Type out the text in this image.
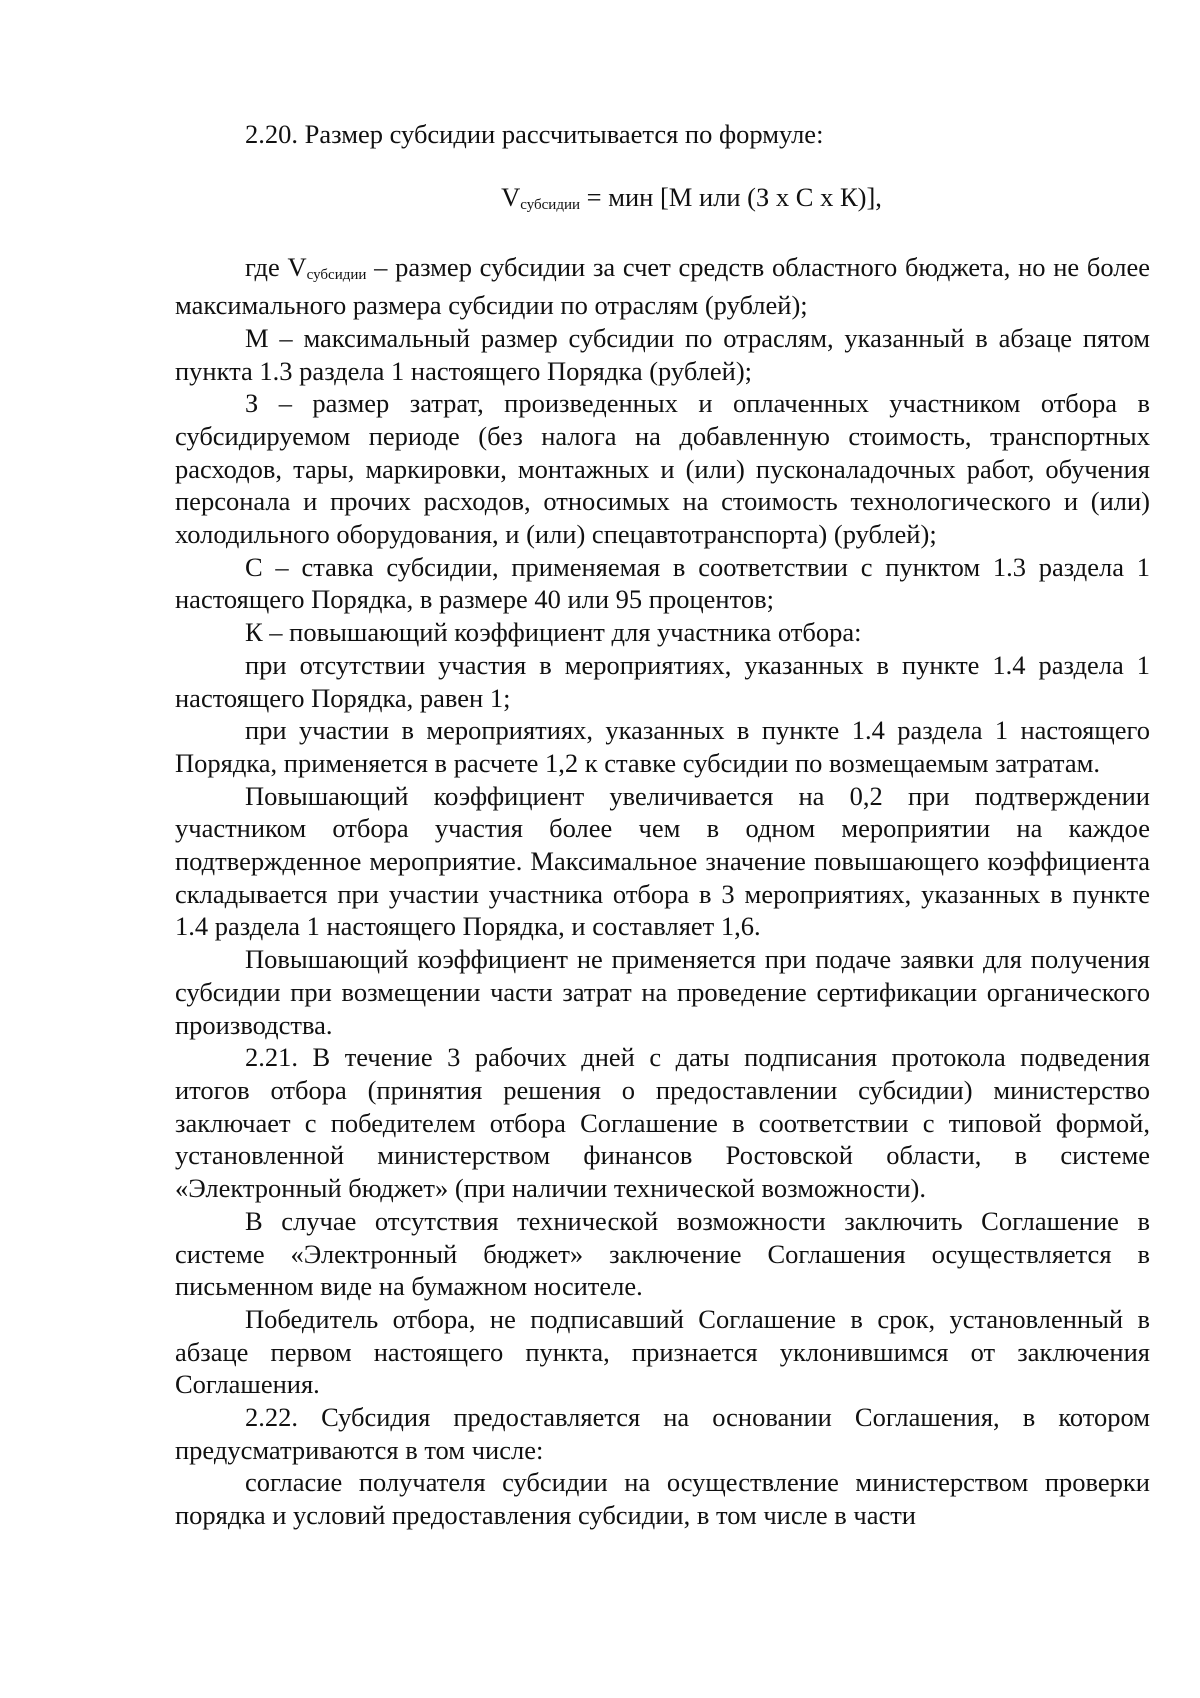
2.20. Размер субсидии рассчитывается по формуле:

Vсубсидии = мин [М или (З х С х К)],

где Vсубсидии – размер субсидии за счет средств областного бюджета, но не более максимального размера субсидии по отраслям (рублей);

М – максимальный размер субсидии по отраслям, указанный в абзаце пятом пункта 1.3 раздела 1 настоящего Порядка (рублей);

З – размер затрат, произведенных и оплаченных участником отбора в субсидируемом периоде (без налога на добавленную стоимость, транспортных расходов, тары, маркировки, монтажных и (или) пусконаладочных работ, обучения персонала и прочих расходов, относимых на стоимость технологического и (или) холодильного оборудования, и (или) спецавтотранспорта) (рублей);

С – ставка субсидии, применяемая в соответствии с пунктом 1.3 раздела 1 настоящего Порядка, в размере 40 или 95 процентов;

К – повышающий коэффициент для участника отбора:

при отсутствии участия в мероприятиях, указанных в пункте 1.4 раздела 1 настоящего Порядка, равен 1;

при участии в мероприятиях, указанных в пункте 1.4 раздела 1 настоящего Порядка, применяется в расчете 1,2 к ставке субсидии по возмещаемым затратам.

Повышающий коэффициент увеличивается на 0,2 при подтверждении участником отбора участия более чем в одном мероприятии на каждое подтвержденное мероприятие. Максимальное значение повышающего коэффициента складывается при участии участника отбора в 3 мероприятиях, указанных в пункте 1.4 раздела 1 настоящего Порядка, и составляет 1,6.

Повышающий коэффициент не применяется при подаче заявки для получения субсидии при возмещении части затрат на проведение сертификации органического производства.

2.21. В течение 3 рабочих дней с даты подписания протокола подведения итогов отбора (принятия решения о предоставлении субсидии) министерство заключает с победителем отбора Соглашение в соответствии с типовой формой, установленной министерством финансов Ростовской области, в системе «Электронный бюджет» (при наличии технической возможности).

В случае отсутствия технической возможности заключить Соглашение в системе «Электронный бюджет» заключение Соглашения осуществляется в письменном виде на бумажном носителе.

Победитель отбора, не подписавший Соглашение в срок, установленный в абзаце первом настоящего пункта, признается уклонившимся от заключения Соглашения.

2.22. Субсидия предоставляется на основании Соглашения, в котором предусматриваются в том числе:

согласие получателя субсидии на осуществление министерством проверки порядка и условий предоставления субсидии, в том числе в части
